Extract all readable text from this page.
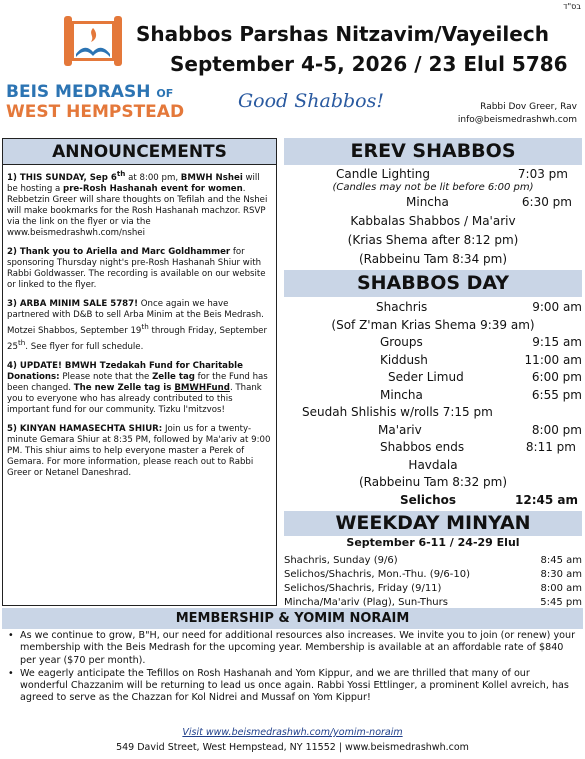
בס"ד
Shabbos Parshas Nitzavim/Vayeilech
September 4-5, 2026 / 23 Elul 5786
BEIS MEDRASH OF
WEST HEMPSTEAD	Good Shabbos!	Rabbi Dov Greer, Rav
info@beismedrashwh.com
ANNOUNCEMENTS
1) THIS SUNDAY, Sep 6th at 8:00 pm, BMWH Nshei will be hosting a pre-Rosh Hashanah event for women. Rebbetzin Greer will share thoughts on Tefilah and the Nshei will make bookmarks for the Rosh Hashanah machzor. RSVP via the link on the flyer or via the www.beismedrashwh.com/nshei
2) Thank you to Ariella and Marc Goldhammer for sponsoring Thursday night's pre-Rosh Hashanah Shiur with Rabbi Goldwasser. The recording is available on our website or linked to the flyer.
3) ARBA MINIM SALE 5787! Once again we have partnered with D&B to sell Arba Minim at the Beis Medrash. Motzei Shabbos, September 19th through Friday, September 25th. See flyer for full schedule.
4) UPDATE! BMWH Tzedakah Fund for Charitable Donations: Please note that the Zelle tag for the Fund has been changed. The new Zelle tag is BMWHFund. Thank you to everyone who has already contributed to this important fund for our community. Tizku l'mitzvos!
5) KINYAN HAMASECHTA SHIUR: Join us for a twenty-minute Gemara Shiur at 8:35 PM, followed by Ma'ariv at 9:00 PM. This shiur aims to help everyone master a Perek of Gemara. For more information, please reach out to Rabbi Greer or Netanel Daneshrad.
EREV SHABBOS
Candle Lighting	7:03 pm
(Candles may not be lit before 6:00 pm)
Mincha	6:30 pm
Kabbalas Shabbos / Ma'ariv
(Krias Shema after 8:12 pm)
(Rabbeinu Tam 8:34 pm)
SHABBOS DAY
Shachris	9:00 am
(Sof Z'man Krias Shema 9:39 am)
Groups	9:15 am
Kiddush	11:00 am
Seder Limud	6:00 pm
Mincha	6:55 pm
Seudah Shlishis w/rolls 7:15 pm
Ma'ariv	8:00 pm
Shabbos ends	8:11 pm
Havdala
(Rabbeinu Tam 8:32 pm)
Selichos	12:45 am
WEEKDAY MINYAN
September 6-11 / 24-29 Elul
Shachris, Sunday (9/6)	8:45 am
Selichos/Shachris, Mon.-Thu. (9/6-10)	8:30 am
Selichos/Shachris, Friday (9/11)	8:00 am
Mincha/Ma'ariv (Plag), Sun-Thurs	5:45 pm
MEMBERSHIP & YOMIM NORAIM
• As we continue to grow, B"H, our need for additional resources also increases. We invite you to join (or renew) your membership with the Beis Medrash for the upcoming year. Membership is available at an affordable rate of $840 per year ($70 per month).
• We eagerly anticipate the Tefillos on Rosh Hashanah and Yom Kippur, and we are thrilled that many of our wonderful Chazzanim will be returning to lead us once again. Rabbi Yossi Ettlinger, a prominent Kollel avreich, has agreed to serve as the Chazzan for Kol Nidrei and Mussaf on Yom Kippur!
Visit www.beismedrashwh.com/yomim-noraim
549 David Street, West Hempstead, NY 11552 | www.beismedrashwh.com
